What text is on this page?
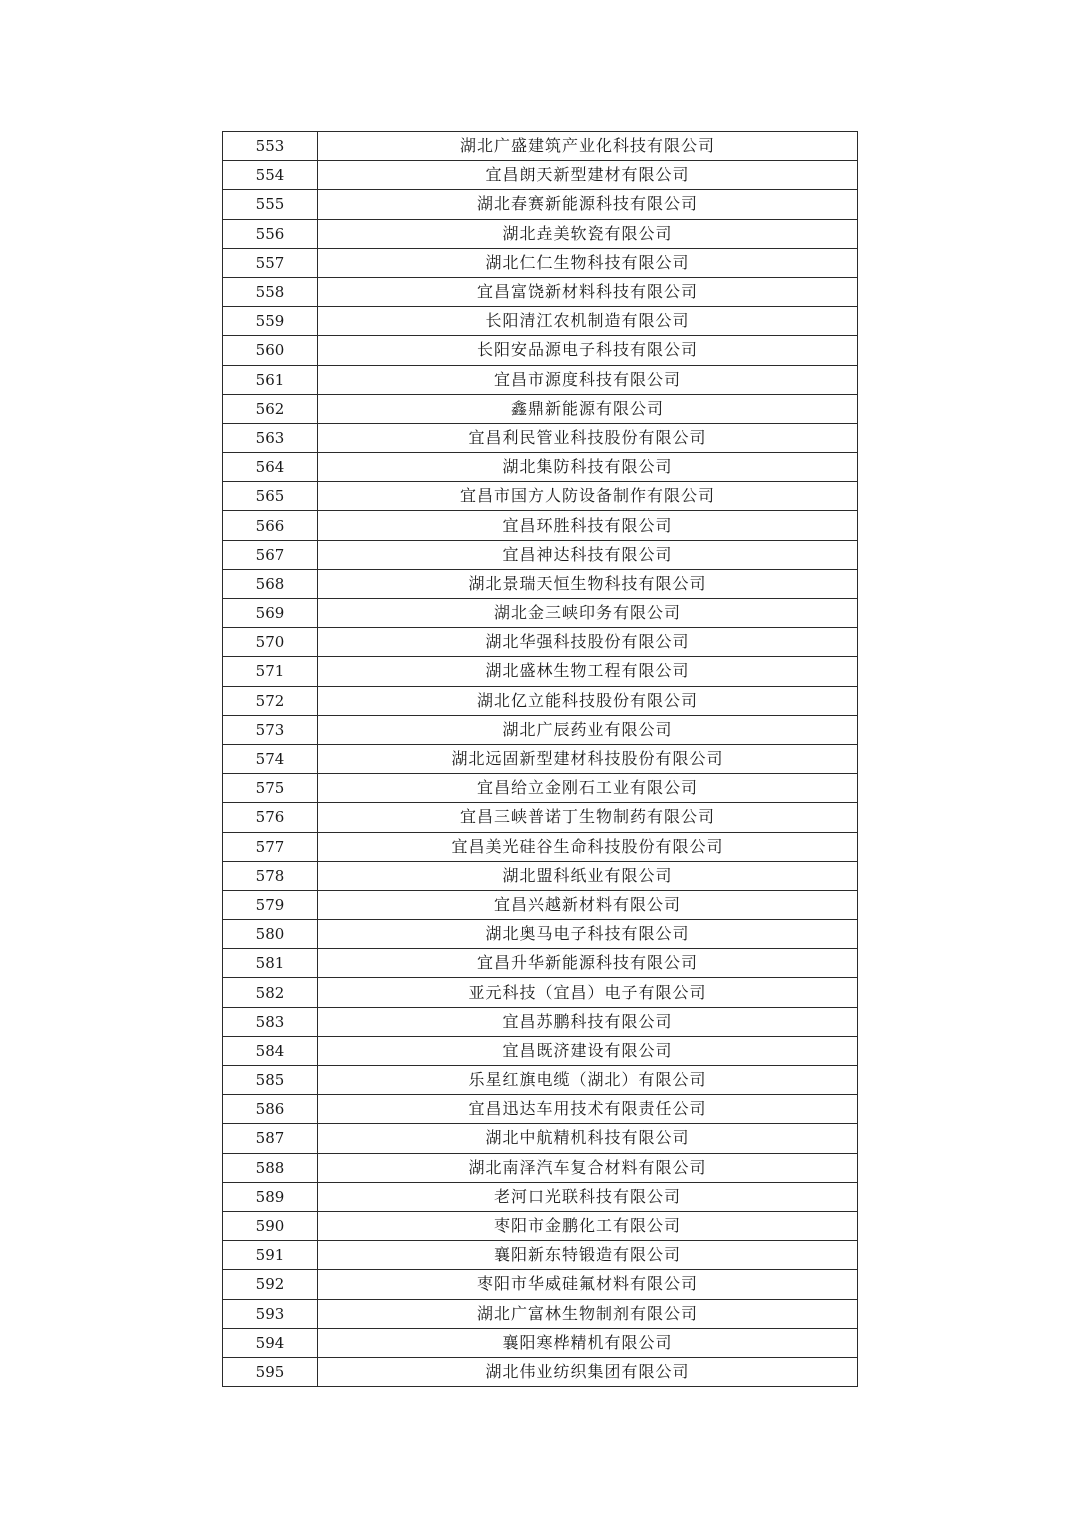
553	湖北广盛建筑产业化科技有限公司
554	宜昌朗天新型建材有限公司
555	湖北春赛新能源科技有限公司
556	湖北垚美软瓷有限公司
557	湖北仁仁生物科技有限公司
558	宜昌富饶新材料科技有限公司
559	长阳清江农机制造有限公司
560	长阳安品源电子科技有限公司
561	宜昌市源度科技有限公司
562	鑫鼎新能源有限公司
563	宜昌利民管业科技股份有限公司
564	湖北集防科技有限公司
565	宜昌市国方人防设备制作有限公司
566	宜昌环胜科技有限公司
567	宜昌神达科技有限公司
568	湖北景瑞天恒生物科技有限公司
569	湖北金三峡印务有限公司
570	湖北华强科技股份有限公司
571	湖北盛林生物工程有限公司
572	湖北亿立能科技股份有限公司
573	湖北广辰药业有限公司
574	湖北远固新型建材科技股份有限公司
575	宜昌给立金刚石工业有限公司
576	宜昌三峡普诺丁生物制药有限公司
577	宜昌美光硅谷生命科技股份有限公司
578	湖北盟科纸业有限公司
579	宜昌兴越新材料有限公司
580	湖北奥马电子科技有限公司
581	宜昌升华新能源科技有限公司
582	亚元科技（宜昌）电子有限公司
583	宜昌苏鹏科技有限公司
584	宜昌既济建设有限公司
585	乐星红旗电缆（湖北）有限公司
586	宜昌迅达车用技术有限责任公司
587	湖北中航精机科技有限公司
588	湖北南泽汽车复合材料有限公司
589	老河口光联科技有限公司
590	枣阳市金鹏化工有限公司
591	襄阳新东特锻造有限公司
592	枣阳市华威硅氟材料有限公司
593	湖北广富林生物制剂有限公司
594	襄阳寒桦精机有限公司
595	湖北伟业纺织集团有限公司
